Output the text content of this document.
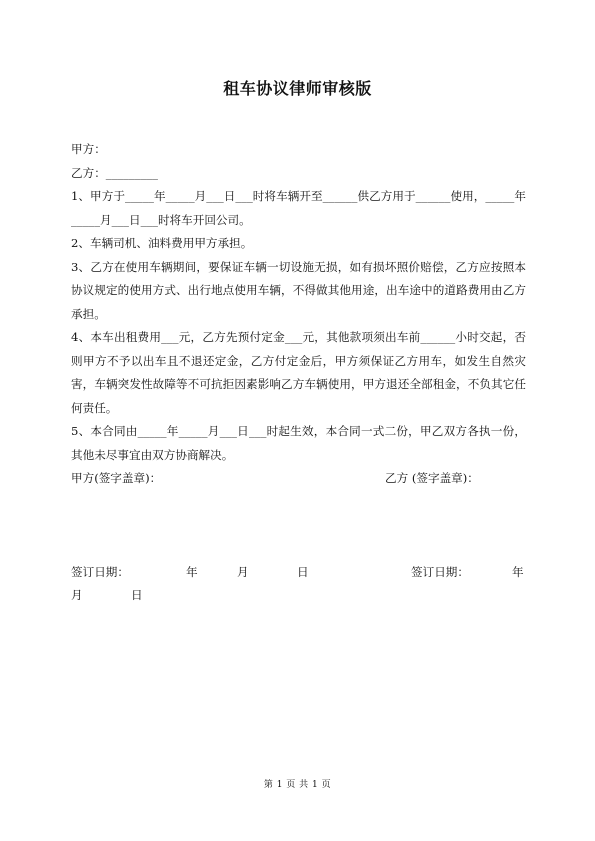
租车协议律师审核版

甲方：

乙方：_________

1、甲方于_____年_____月___日___时将车辆开至______供乙方用于______使用，_____年_____月___日___时将车开回公司。

2、车辆司机、油料费用甲方承担。

3、乙方在使用车辆期间，要保证车辆一切设施无损，如有损坏照价赔偿，乙方应按照本协议规定的使用方式、出行地点使用车辆，不得做其他用途，出车途中的道路费用由乙方承担。

4、本车出租费用___元，乙方先预付定金___元，其他款项须出车前______小时交起，否则甲方不予以出车且不退还定金，乙方付定金后，甲方须保证乙方用车，如发生自然灾害，车辆突发性故障等不可抗拒因素影响乙方车辆使用，甲方退还全部租金，不负其它任何责任。

5、本合同由_____年_____月___日___时起生效，本合同一式二份，甲乙双方各执一份，其他未尽事宜由双方协商解决。

甲方(签字盖章)：	乙方 (签字盖章)：
签订日期：	年	月	日	签订日期：	年
月	日
第 1 页 共 1 页
